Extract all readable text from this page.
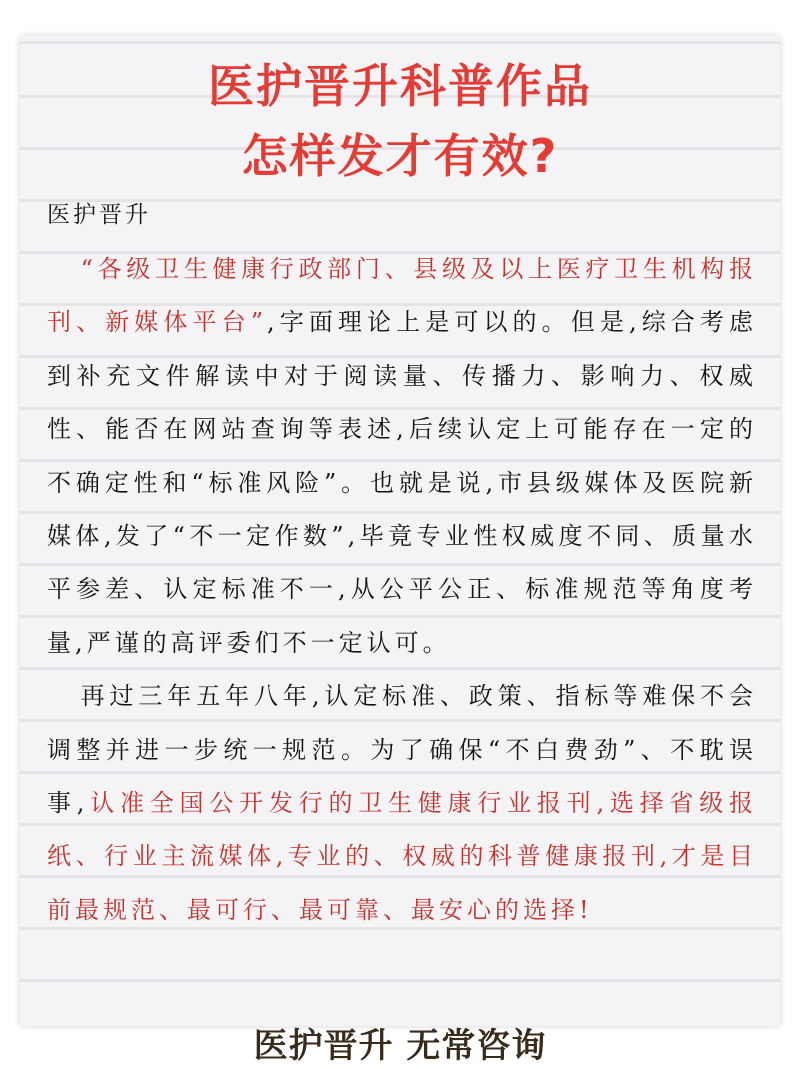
医护晋升科普作品
怎样发才有效?
医护晋升

“各级卫生健康行政部门、县级及以上医疗卫生机构报刊、新媒体平台”,字面理论上是可以的。但是,综合考虑到补充文件解读中对于阅读量、传播力、影响力、权威性、能否在网站查询等表述,后续认定上可能存在一定的不确定性和“标准风险”。也就是说,市县级媒体及医院新媒体,发了“不一定作数”,毕竟专业性权威度不同、质量水平参差、认定标准不一,从公平公正、标准规范等角度考量,严谨的高评委们不一定认可。

再过三年五年八年,认定标准、政策、指标等难保不会调整并进一步统一规范。为了确保“不白费劲”、不耽误事,认准全国公开发行的卫生健康行业报刊,选择省级报纸、行业主流媒体,专业的、权威的科普健康报刊,才是目前最规范、最可行、最可靠、最安心的选择!

医护晋升 无常咨询
